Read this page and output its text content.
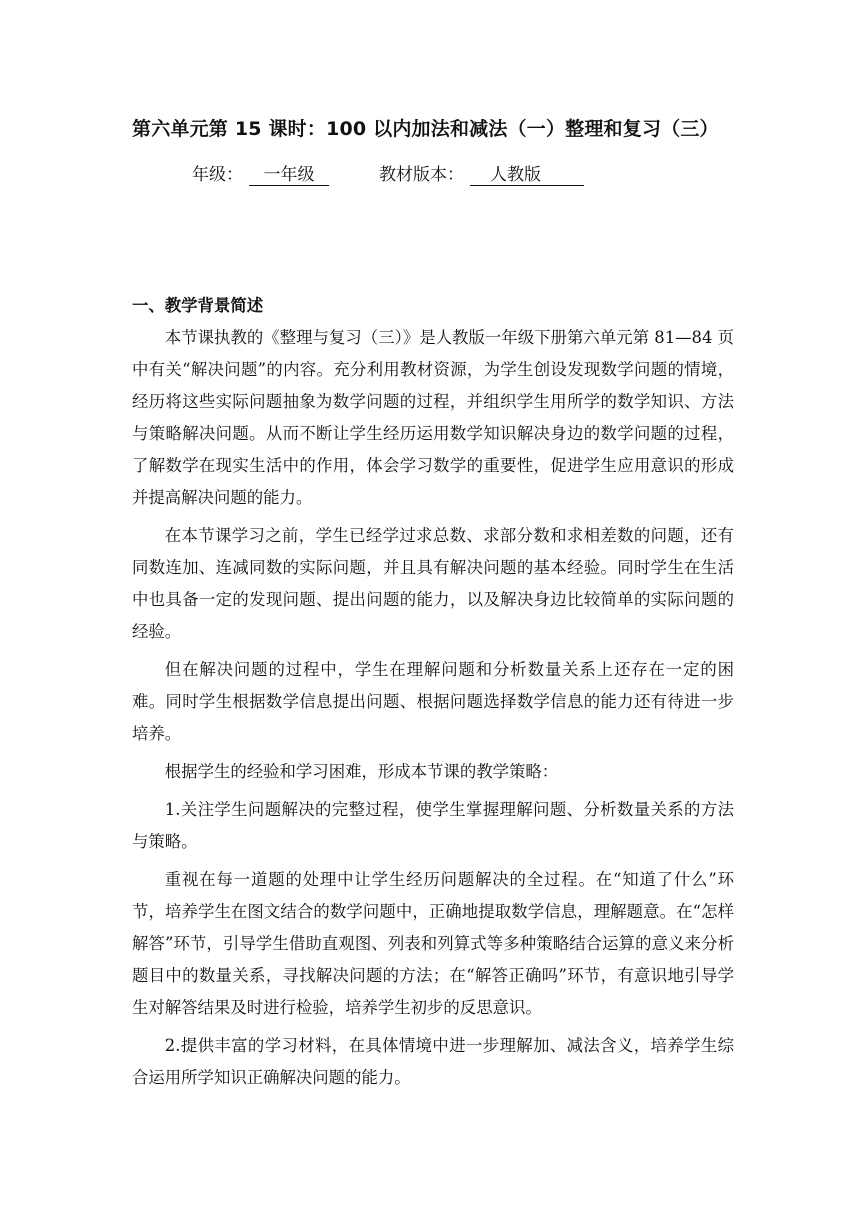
第六单元第 15 课时：100 以内加法和减法（一）整理和复习（三）
年级： 一年级	教材版本： 人教版

一、教学背景简述

本节课执教的《整理与复习（三）》是人教版一年级下册第六单元第 81—84 页中有关“解决问题”的内容。充分利用教材资源，为学生创设发现数学问题的情境，经历将这些实际问题抽象为数学问题的过程，并组织学生用所学的数学知识、方法与策略解决问题。从而不断让学生经历运用数学知识解决身边的数学问题的过程，了解数学在现实生活中的作用，体会学习数学的重要性，促进学生应用意识的形成并提高解决问题的能力。

在本节课学习之前，学生已经学过求总数、求部分数和求相差数的问题，还有同数连加、连减同数的实际问题，并且具有解决问题的基本经验。同时学生在生活中也具备一定的发现问题、提出问题的能力，以及解决身边比较简单的实际问题的经验。

但在解决问题的过程中，学生在理解问题和分析数量关系上还存在一定的困难。同时学生根据数学信息提出问题、根据问题选择数学信息的能力还有待进一步培养。

根据学生的经验和学习困难，形成本节课的教学策略：

1.关注学生问题解决的完整过程，使学生掌握理解问题、分析数量关系的方法与策略。

重视在每一道题的处理中让学生经历问题解决的全过程。在“知道了什么”环节，培养学生在图文结合的数学问题中，正确地提取数学信息，理解题意。在“怎样解答”环节，引导学生借助直观图、列表和列算式等多种策略结合运算的意义来分析题目中的数量关系，寻找解决问题的方法；在“解答正确吗”环节，有意识地引导学生对解答结果及时进行检验，培养学生初步的反思意识。

2.提供丰富的学习材料，在具体情境中进一步理解加、减法含义，培养学生综合运用所学知识正确解决问题的能力。
